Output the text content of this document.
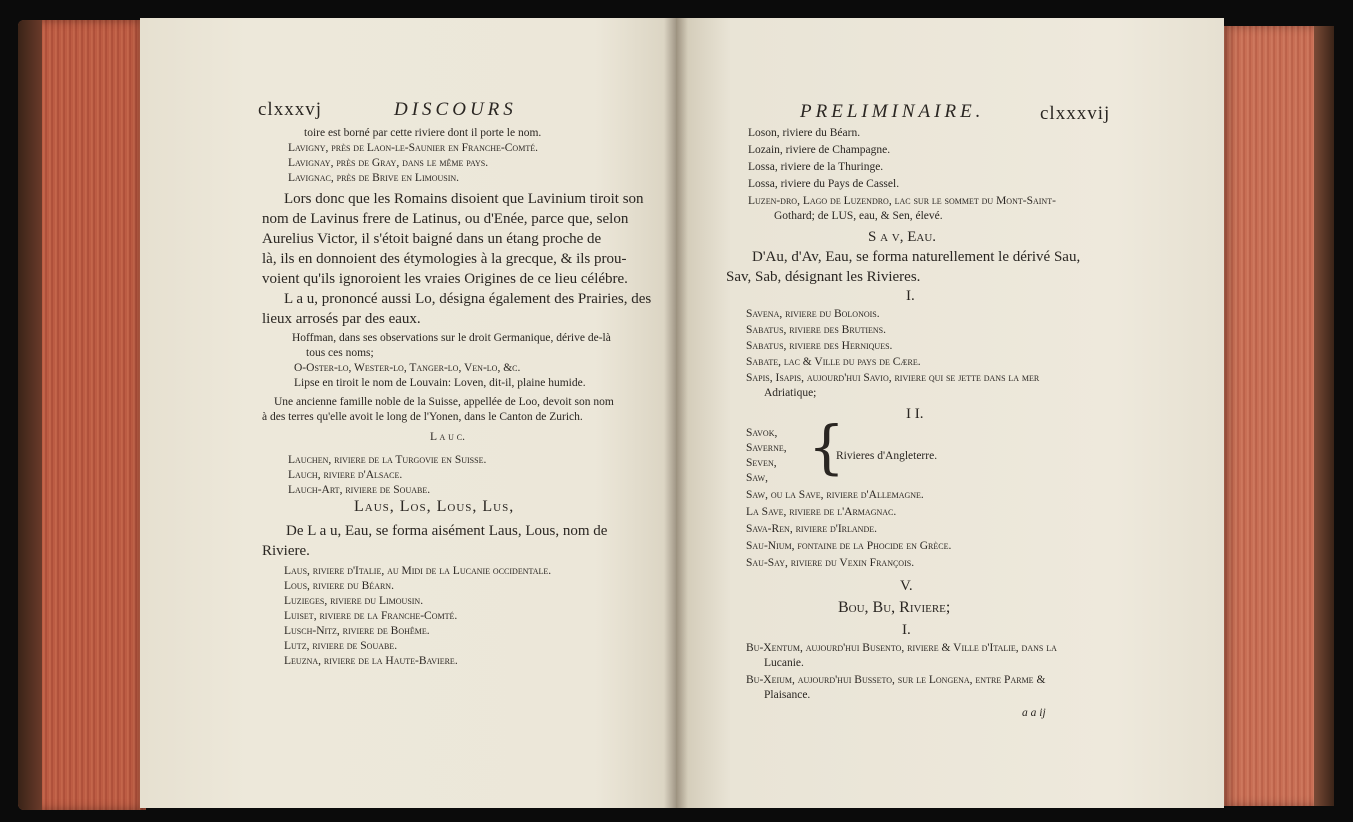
clxxxvj	DISCOURS
toire est borné par cette riviere dont il porte le nom.
Lavigny, près de Laon-le-Saunier en Franche-Comté.
Lavignay, près de Gray, dans le même pays.
Lavignac, près de Brive en Limousin.
Lors donc que les Romains disoient que Lavinium tiroit son
nom de Lavinus frere de Latinus, ou d'Enée, parce que, selon
Aurelius Victor, il s'étoit baigné dans un étang proche de
là, ils en donnoient des étymologies à la grecque, & ils prou-
voient qu'ils ignoroient les vraies Origines de ce lieu célébre.
L a u, prononcé aussi Lo, désigna également des Prairies, des
lieux arrosés par des eaux.
Hoffman, dans ses observations sur le droit Germanique, dérive de-là
tous ces noms;
O-Oster-lo, Wester-lo, Tanger-lo, Ven-lo, &c.
Lipse en tiroit le nom de Louvain: Loven, dit-il, plaine humide.
Une ancienne famille noble de la Suisse, appellée de Loo, devoit son nom
à des terres qu'elle avoit le long de l'Yonen, dans le Canton de Zurich.
L a u c.
Lauchen, riviere de la Turgovie en Suisse.
Lauch, riviere d'Alsace.
Lauch-Art, riviere de Souabe.
Laus, Los, Lous, Lus,
De L a u, Eau, se forma aisément Laus, Lous, nom de
Riviere.
Laus, riviere d'Italie, au Midi de la Lucanie occidentale.
Lous, riviere du Béarn.
Luzieges, riviere du Limousin.
Luiset, riviere de la Franche-Comté.
Lusch-Nitz, riviere de Bohême.
Lutz, riviere de Souabe.
Leuzna, riviere de la Haute-Baviere.
PRELIMINAIRE.	clxxxvij
Loson, riviere du Béarn.
Lozain, riviere de Champagne.
Lossa, riviere de la Thuringe.
Lossa, riviere du Pays de Cassel.
Luzen-dro, Lago de Luzendro, lac sur le sommet du Mont-Saint-
Gothard; de LUS, eau, & Sen, élevé.
S a v, Eau.
D'Au, d'Av, Eau, se forma naturellement le dérivé Sau,
Sav, Sab, désignant les Rivieres.
I.
Savena, riviere du Bolonois.
Sabatus, riviere des Brutiens.
Sabatus, riviere des Herniques.
Sabate, lac & Ville du pays de Cære.
Sapis, Isapis, aujourd'hui Savio, riviere qui se jette dans la mer
Adriatique;
I I.
Savok,
Saverne,
Seven,
Saw, {
Rivieres d'Angleterre.
Saw, ou la Save, riviere d'Allemagne.
La Save, riviere de l'Armagnac.
Sava-Ren, riviere d'Irlande.
Sau-Nium, fontaine de la Phocide en Grèce.
Sau-Say, riviere du Vexin François.
V.
Bou, Bu, Riviere;
I.
Bu-Xentum, aujourd'hui Busento, riviere & Ville d'Italie, dans la
Lucanie.
Bu-Xeium, aujourd'hui Busseto, sur le Longena, entre Parme &
Plaisance.
a a ij
